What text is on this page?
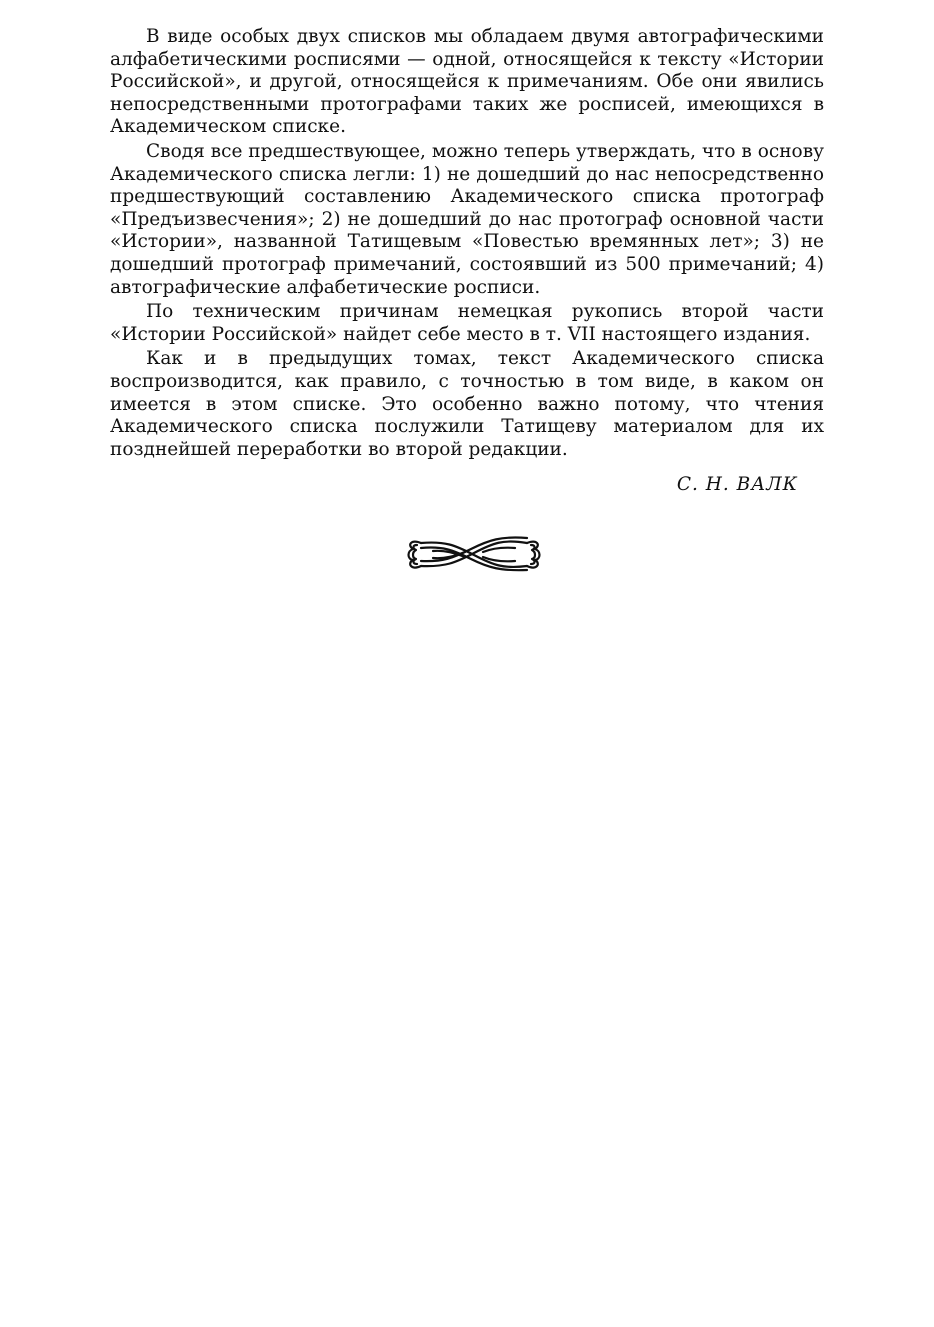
В виде особых двух списков мы обладаем двумя автографическими алфабетическими росписями — одной, относящейся к тексту «Истории Российской», и другой, относящейся к примечаниям. Обе они явились непосредственными протографами таких же росписей, имеющихся в Академическом списке.

Сводя все предшествующее, можно теперь утверждать, что в основу Академического списка легли: 1) не дошедший до нас непосредственно предшествующий составлению Академического списка протограф «Предъизвесчения»; 2) не дошедший до нас протограф основной части «Истории», названной Татищевым «Повестью времянных лет»; 3) не дошедший протограф примечаний, состоявший из 500 примечаний; 4) автографические алфабетические росписи.

По техническим причинам немецкая рукопись второй части «Истории Российской» найдет себе место в т. VII настоящего издания.

Как и в предыдущих томах, текст Академического списка воспроизводится, как правило, с точностью в том виде, в каком он имеется в этом списке. Это особенно важно потому, что чтения Академического списка послужили Татищеву материалом для их позднейшей переработки во второй редакции.

С. Н. ВАЛК
